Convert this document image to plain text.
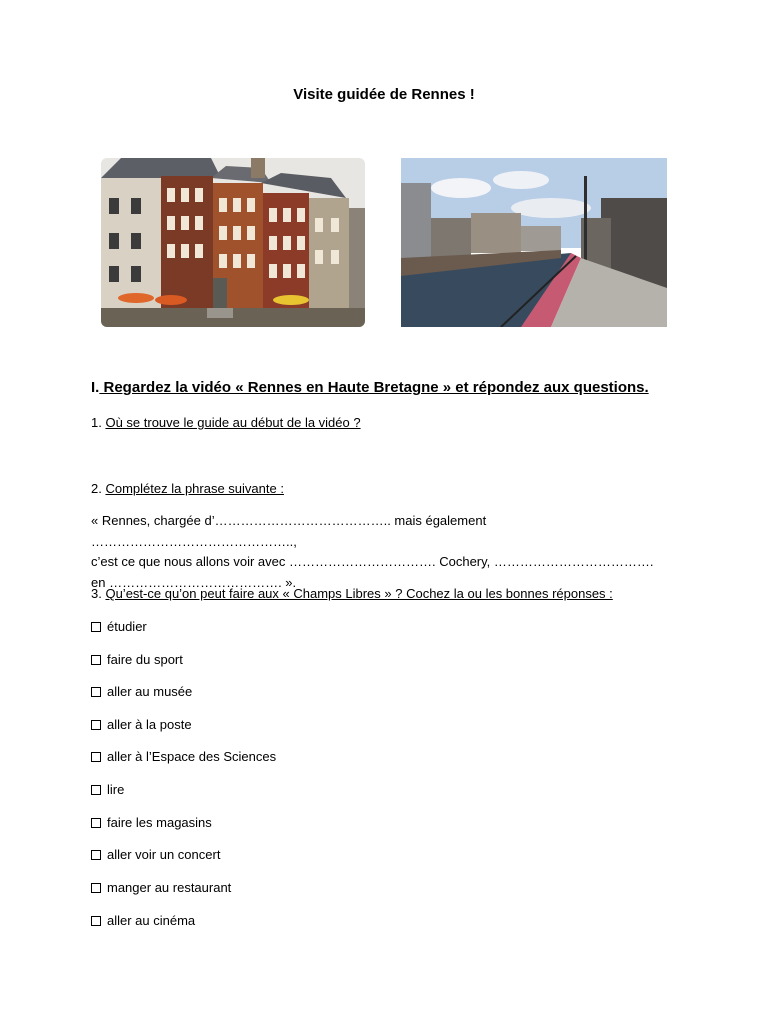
Visite guidée de Rennes !
I. Regardez la vidéo « Rennes en Haute Bretagne » et répondez aux questions.
1. Où se trouve le guide au début de la vidéo ?
2. Complétez la phrase suivante :
« Rennes, chargée d’………………………………….. mais également ………………………………………..,
c’est ce que nous allons voir avec ……………………………. Cochery, ……………………………….
en …………………………………. ».
3. Qu’est-ce qu’on peut faire aux « Champs Libres » ? Cochez la ou les bonnes réponses :
étudier
faire du sport
aller au musée
aller à la poste
aller à l’Espace des Sciences
lire
faire les magasins
aller voir un concert
manger au restaurant
aller au cinéma
